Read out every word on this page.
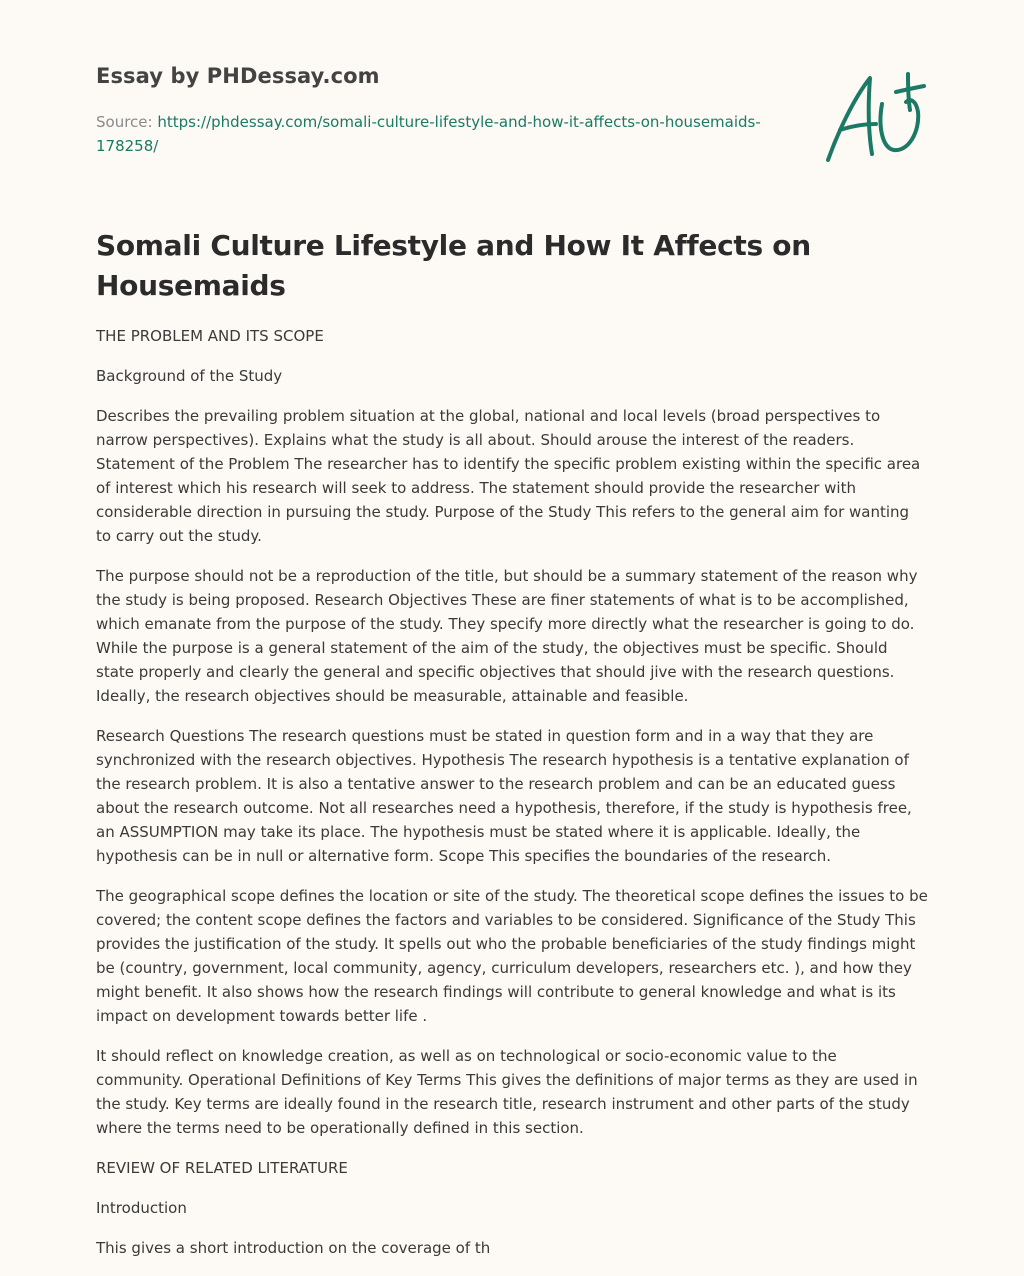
Essay by PHDessay.com
Source: https://phdessay.com/somali-culture-lifestyle-and-how-it-affects-on-housemaids-178258/
Somali Culture Lifestyle and How It Affects on Housemaids

THE PROBLEM AND ITS SCOPE

Background of the Study

Describes the prevailing problem situation at the global, national and local levels (broad perspectives to narrow perspectives). Explains what the study is all about. Should arouse the interest of the readers. Statement of the Problem The researcher has to identify the specific problem existing within the specific area of interest which his research will seek to address. The statement should provide the researcher with considerable direction in pursuing the study. Purpose of the Study This refers to the general aim for wanting to carry out the study.

The purpose should not be a reproduction of the title, but should be a summary statement of the reason why the study is being proposed. Research Objectives These are finer statements of what is to be accomplished, which emanate from the purpose of the study. They specify more directly what the researcher is going to do. While the purpose is a general statement of the aim of the study, the objectives must be specific. Should state properly and clearly the general and specific objectives that should jive with the research questions. Ideally, the research objectives should be measurable, attainable and feasible.

Research Questions The research questions must be stated in question form and in a way that they are synchronized with the research objectives. Hypothesis The research hypothesis is a tentative explanation of the research problem. It is also a tentative answer to the research problem and can be an educated guess about the research outcome. Not all researches need a hypothesis, therefore, if the study is hypothesis free, an ASSUMPTION may take its place. The hypothesis must be stated where it is applicable. Ideally, the hypothesis can be in null or alternative form. Scope This specifies the boundaries of the research.

The geographical scope defines the location or site of the study. The theoretical scope defines the issues to be covered; the content scope defines the factors and variables to be considered. Significance of the Study This provides the justification of the study. It spells out who the probable beneficiaries of the study findings might be (country, government, local community, agency, curriculum developers, researchers etc. ), and how they might benefit. It also shows how the research findings will contribute to general knowledge and what is its impact on development towards better life .

It should reflect on knowledge creation, as well as on technological or socio-economic value to the community. Operational Definitions of Key Terms This gives the definitions of major terms as they are used in the study. Key terms are ideally found in the research title, research instrument and other parts of the study where the terms need to be operationally defined in this section.

REVIEW OF RELATED LITERATURE

Introduction

This gives a short introduction on the coverage of th
